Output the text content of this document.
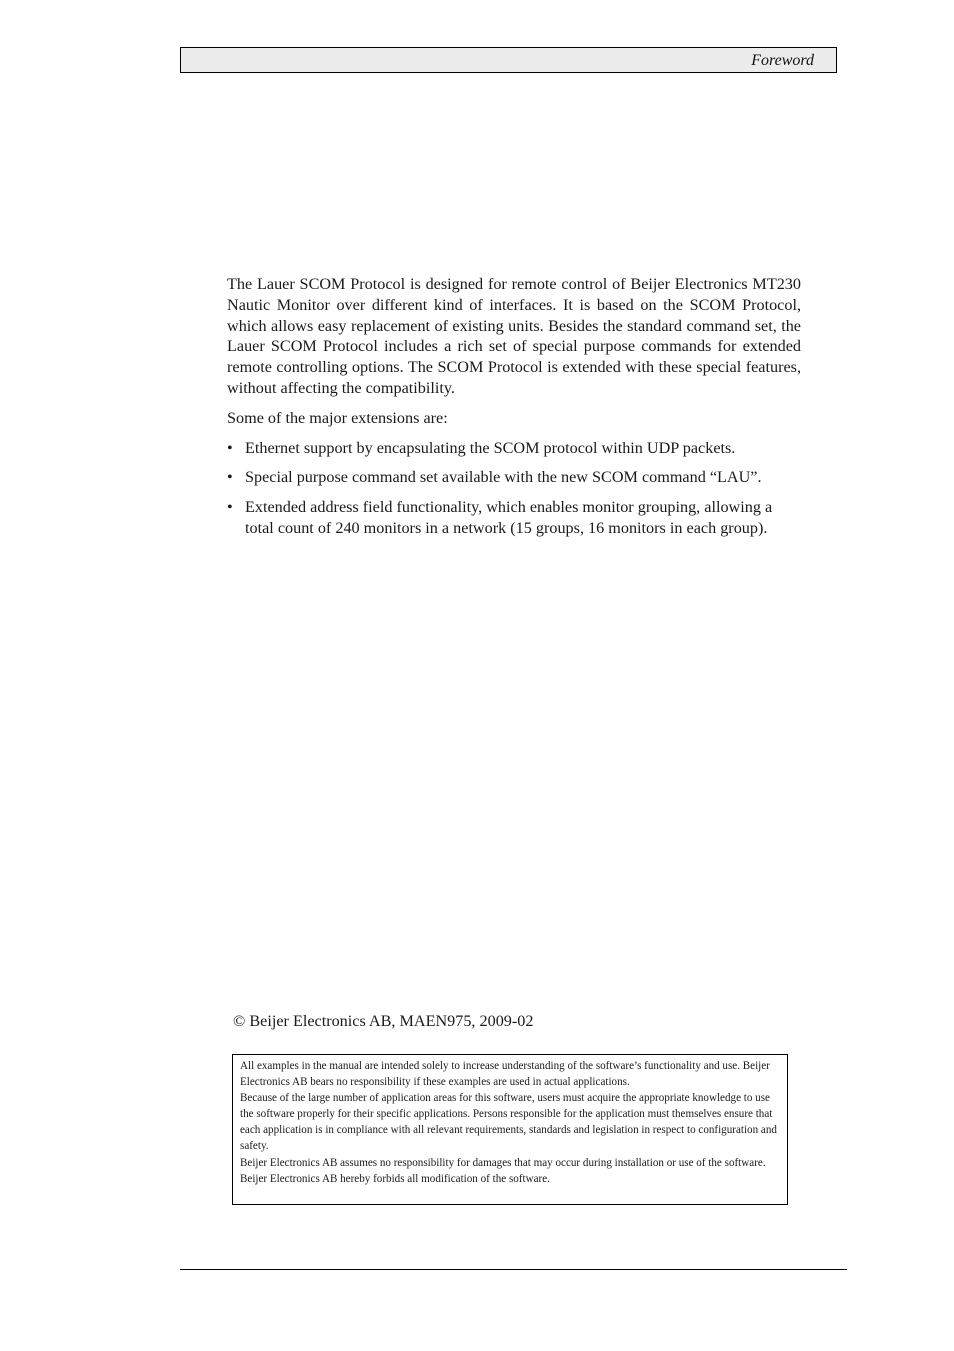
Foreword

The Lauer SCOM Protocol is designed for remote control of Beijer Electronics MT230 Nautic Monitor over different kind of interfaces. It is based on the SCOM Protocol, which allows easy replacement of existing units. Besides the standard command set, the Lauer SCOM Protocol includes a rich set of special purpose commands for extended remote controlling options. The SCOM Protocol is extended with these special features, without affecting the compatibility.

Some of the major extensions are:

• Ethernet support by encapsulating the SCOM protocol within UDP packets.
• Special purpose command set available with the new SCOM command “LAU”.
• Extended address field functionality, which enables monitor grouping, allowing a total count of 240 monitors in a network (15 groups, 16 monitors in each group).
© Beijer Electronics AB, MAEN975, 2009-02

All examples in the manual are intended solely to increase understanding of the software’s functionality and use. Beijer Electronics AB bears no responsibility if these examples are used in actual applications.

Because of the large number of application areas for this software, users must acquire the appropriate knowledge to use the software properly for their specific applications. Persons responsible for the application must themselves ensure that each application is in compliance with all relevant requirements, standards and legislation in respect to configuration and safety.

Beijer Electronics AB assumes no responsibility for damages that may occur during installation or use of the software.

Beijer Electronics AB hereby forbids all modification of the software.
